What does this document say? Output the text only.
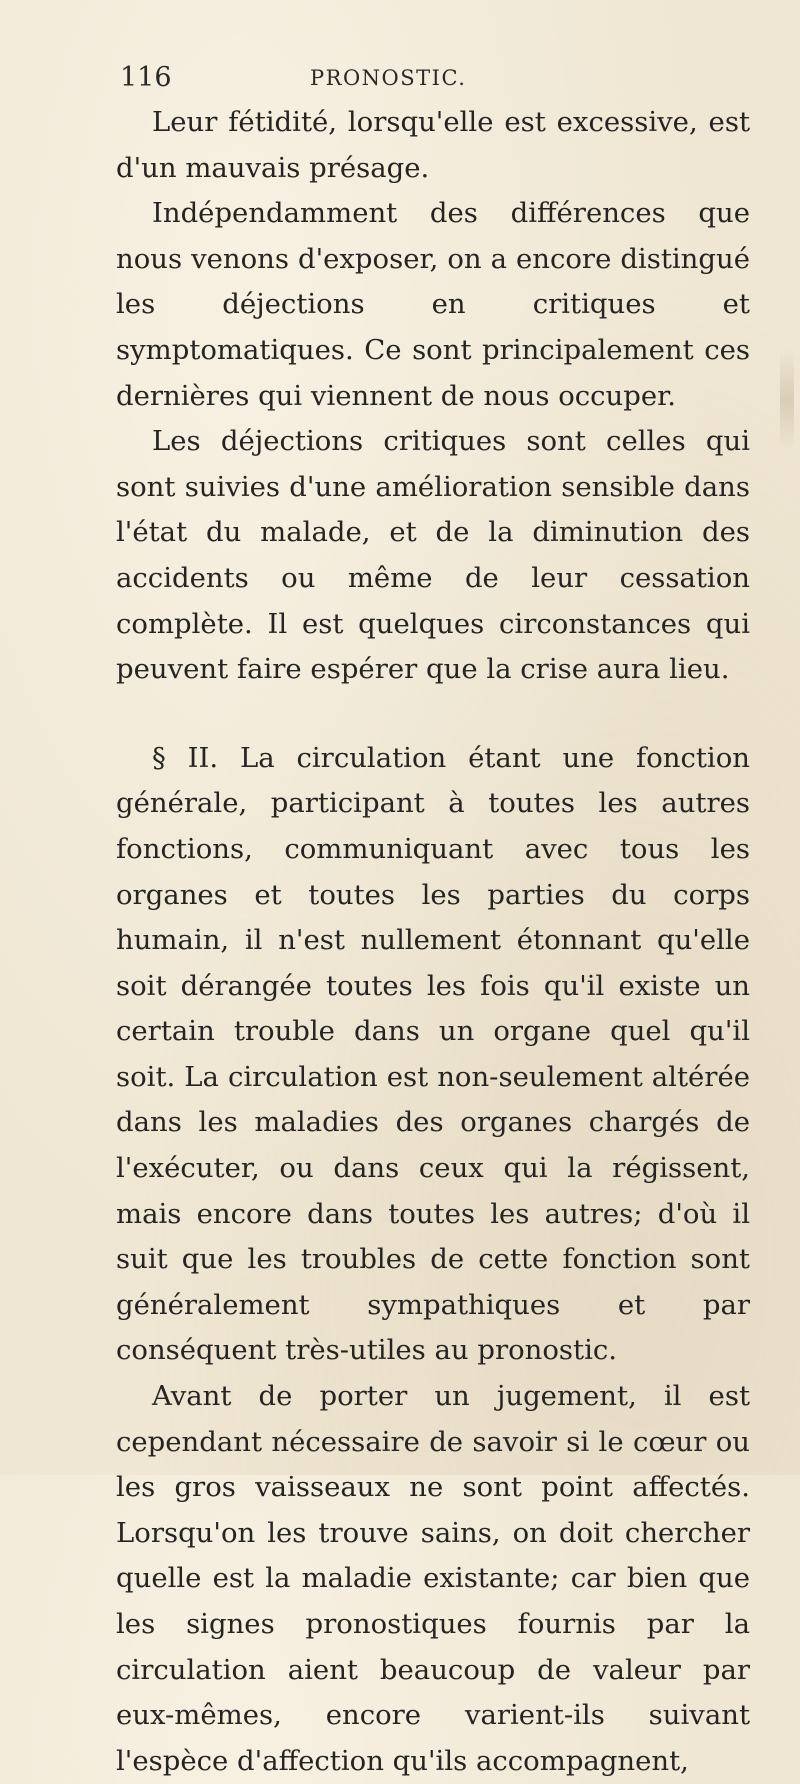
116	PRONOSTIC.

Leur fétidité, lorsqu'elle est excessive, est d'un mauvais présage.

Indépendamment des différences que nous venons d'exposer, on a encore distingué les déjections en critiques et symptomatiques. Ce sont principalement ces dernières qui viennent de nous occuper.

Les déjections critiques sont celles qui sont suivies d'une amélioration sensible dans l'état du malade, et de la diminution des accidents ou même de leur cessation complète. Il est quelques circonstances qui peuvent faire espérer que la crise aura lieu.

§ II. La circulation étant une fonction générale, participant à toutes les autres fonctions, communiquant avec tous les organes et toutes les parties du corps humain, il n'est nullement étonnant qu'elle soit dérangée toutes les fois qu'il existe un certain trouble dans un organe quel qu'il soit. La circulation est non-seulement altérée dans les maladies des organes chargés de l'exécuter, ou dans ceux qui la régissent, mais encore dans toutes les autres; d'où il suit que les troubles de cette fonction sont généralement sympathiques et par conséquent très-utiles au pronostic.

Avant de porter un jugement, il est cependant nécessaire de savoir si le cœur ou les gros vaisseaux ne sont point affectés. Lorsqu'on les trouve sains, on doit chercher quelle est la maladie existante; car bien que les signes pronostiques fournis par la circulation aient beaucoup de valeur par eux-mêmes, encore varient-ils suivant l'espèce d'affection qu'ils accompagnent,
